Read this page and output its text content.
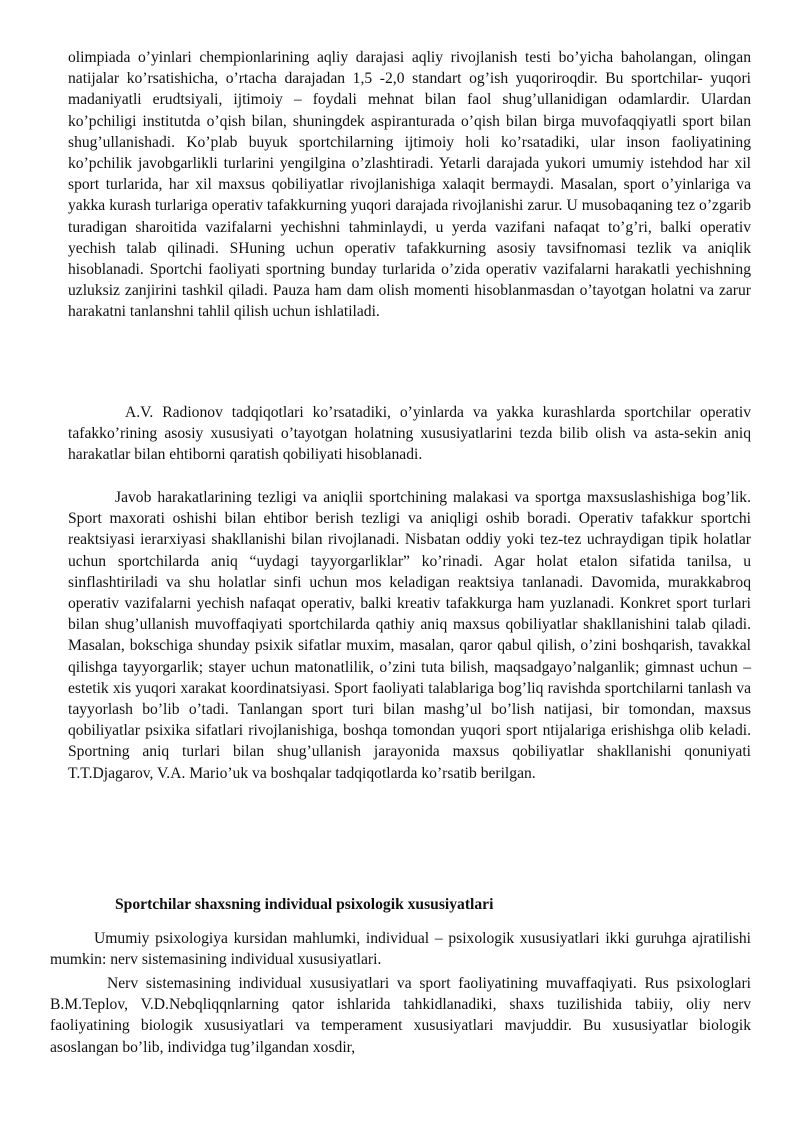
olimpiada o’yinlari chempionlarining aqliy darajasi aqliy rivojlanish testi bo’yicha baholangan, olingan natijalar ko’rsatishicha, o’rtacha darajadan 1,5 -2,0 standart og’ish yuqoriroqdir. Bu sportchilar- yuqori madaniyatli erudtsiyali, ijtimoiy – foydali mehnat bilan faol shug’ullanidigan odamlardir. Ulardan ko’pchiligi institutda o’qish bilan, shuningdek aspiranturada o’qish bilan birga muvofaqqiyatli sport bilan shug’ullanishadi. Ko’plab buyuk sportchilarning ijtimoiy holi ko’rsatadiki, ular inson faoliyatining ko’pchilik javobgarlikli turlarini yengilgina o’zlashtiradi. Yetarli darajada yukori umumiy istehdod har xil sport turlarida, har xil maxsus qobiliyatlar rivojlanishiga xalaqit bermaydi. Masalan, sport o’yinlariga va yakka kurash turlariga operativ tafakkurning yuqori darajada rivojlanishi zarur. U musobaqaning tez o’zgarib turadigan sharoitida vazifalarni yechishni tahminlaydi, u yerda vazifani nafaqat to’g’ri, balki operativ yechish talab qilinadi. SHuning uchun operativ tafakkurning asosiy tavsifnomasi tezlik va aniqlik hisoblanadi. Sportchi faoliyati sportning bunday turlarida o’zida operativ vazifalarni harakatli yechishning uzluksiz zanjirini tashkil qiladi. Pauza ham dam olish momenti hisoblanmasdan o’tayotgan holatni va zarur harakatni tanlanshni tahlil qilish uchun ishlatiladi.

A.V. Radionov tadqiqotlari ko’rsatadiki, o’yinlarda va yakka kurashlarda sportchilar operativ tafakko’rining asosiy xususiyati o’tayotgan holatning xususiyatlarini tezda bilib olish va asta-sekin aniq harakatlar bilan ehtiborni qaratish qobiliyati hisoblanadi.

Javob harakatlarining tezligi va aniqlii sportchining malakasi va sportga maxsuslashishiga bog’lik. Sport maxorati oshishi bilan ehtibor berish tezligi va aniqligi oshib boradi. Operativ tafakkur sportchi reaktsiyasi ierarxiyasi shakllanishi bilan rivojlanadi. Nisbatan oddiy yoki tez-tez uchraydigan tipik holatlar uchun sportchilarda aniq “uydagi tayyorgarliklar” ko’rinadi. Agar holat etalon sifatida tanilsa, u sinflashtiriladi va shu holatlar sinfi uchun mos keladigan reaktsiya tanlanadi. Davomida, murakkabroq operativ vazifalarni yechish nafaqat operativ, balki kreativ tafakkurga ham yuzlanadi. Konkret sport turlari bilan shug’ullanish muvoffaqiyati sportchilarda qathiy aniq maxsus qobiliyatlar shakllanishini talab qiladi. Masalan, bokschiga shunday psixik sifatlar muxim, masalan, qaror qabul qilish, o’zini boshqarish, tavakkal qilishga tayyorgarlik; stayer uchun matonatlilik, o’zini tuta bilish, maqsadgayo’nalganlik; gimnast uchun – estetik xis yuqori xarakat koordinatsiyasi. Sport faoliyati talablariga bog’liq ravishda sportchilarni tanlash va tayyorlash bo’lib o’tadi. Tanlangan sport turi bilan mashg’ul bo’lish natijasi, bir tomondan, maxsus qobiliyatlar psixika sifatlari rivojlanishiga, boshqa tomondan yuqori sport ntijalariga erishishga olib keladi. Sportning aniq turlari bilan shug’ullanish jarayonida maxsus qobiliyatlar shakllanishi qonuniyati T.T.Djagarov, V.A. Mario’uk va boshqalar tadqiqotlarda ko’rsatib berilgan.

Sportchilar shaxsning individual psixologik xususiyatlari

Umumiy psixologiya kursidan mahlumki, individual – psixologik xususiyatlari ikki guruhga ajratilishi mumkin: nerv sistemasining individual xususiyatlari.

Nerv sistemasining individual xususiyatlari va sport faoliyatining muvaffaqiyati. Rus psixologlari B.M.Teplov, V.D.Nebqliqqnlarning qator ishlarida tahkidlanadiki, shaxs tuzilishida tabiiy, oliy nerv faoliyatining biologik xususiyatlari va temperament xususiyatlari mavjuddir. Bu xususiyatlar biologik asoslangan bo’lib, individga tug’ilgandan xosdir,
